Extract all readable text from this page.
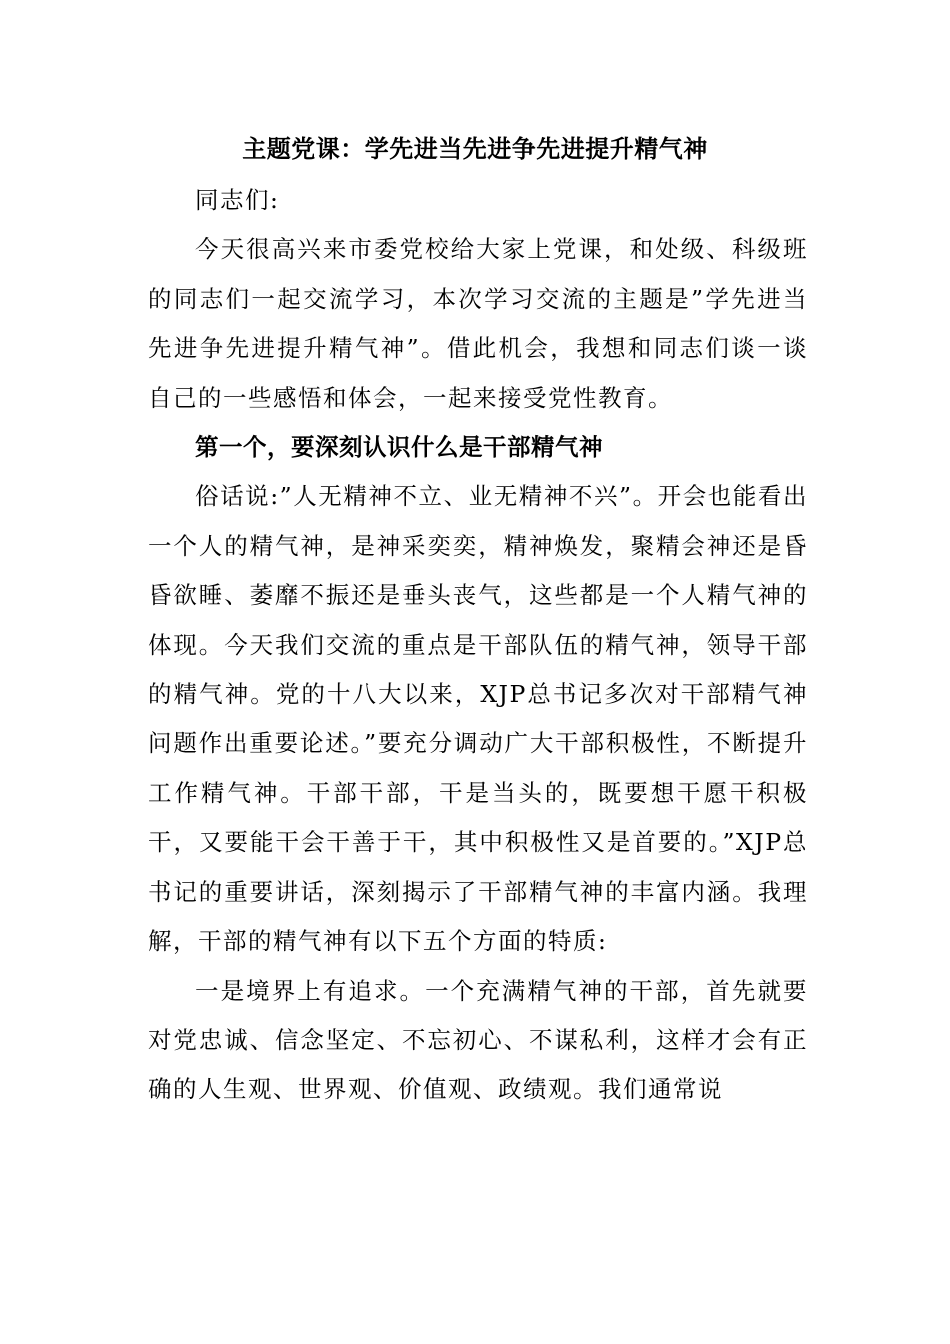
主题党课：学先进当先进争先进提升精气神

同志们:

今天很高兴来市委党校给大家上党课，和处级、科级班的同志们一起交流学习，本次学习交流的主题是”学先进当先进争先进提升精气神”。借此机会，我想和同志们谈一谈自己的一些感悟和体会，一起来接受党性教育。

第一个，要深刻认识什么是干部精气神

俗话说:”人无精神不立、业无精神不兴”。开会也能看出一个人的精气神，是神采奕奕，精神焕发，聚精会神还是昏昏欲睡、萎靡不振还是垂头丧气，这些都是一个人精气神的体现。今天我们交流的重点是干部队伍的精气神，领导干部的精气神。党的十八大以来，XJP总书记多次对干部精气神问题作出重要论述。”要充分调动广大干部积极性，不断提升工作精气神。干部干部，干是当头的，既要想干愿干积极干，又要能干会干善于干，其中积极性又是首要的。”XJP总书记的重要讲话，深刻揭示了干部精气神的丰富内涵。我理解，干部的精气神有以下五个方面的特质:

一是境界上有追求。一个充满精气神的干部，首先就要对党忠诚、信念坚定、不忘初心、不谋私利，这样才会有正确的人生观、世界观、价值观、政绩观。我们通常说
